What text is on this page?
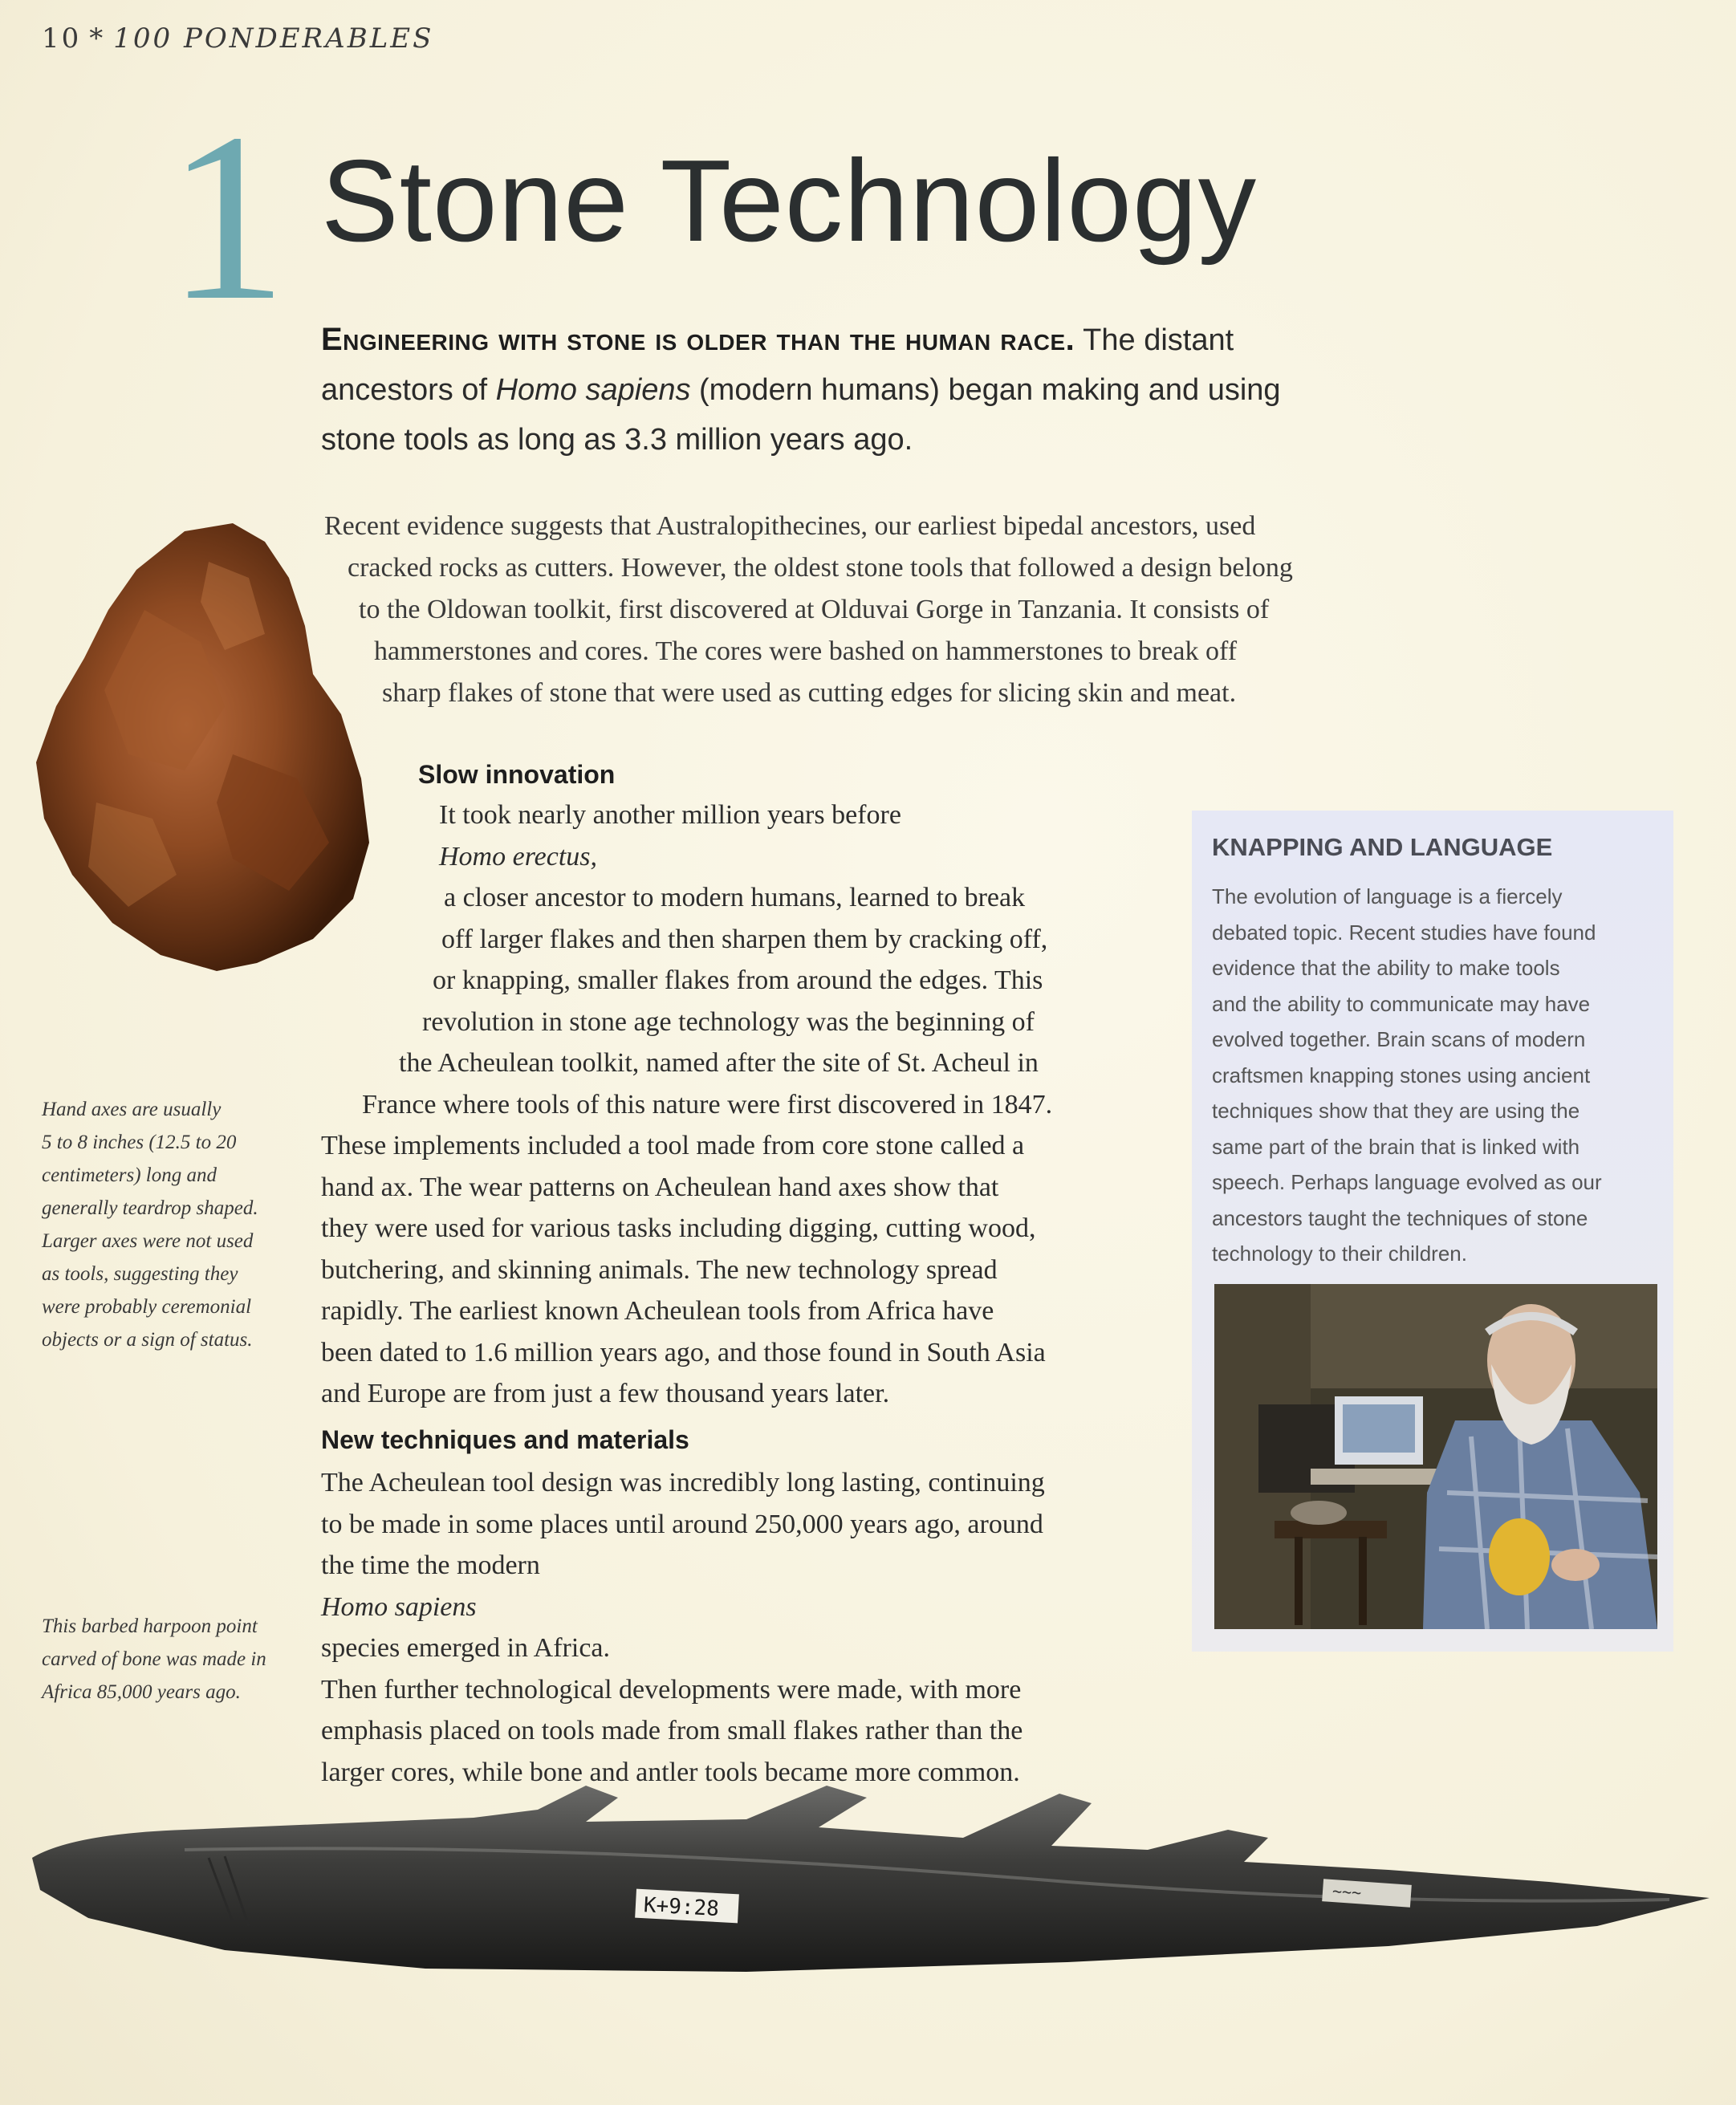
10 * 100 PONDERABLES
1 Stone Technology
Engineering with stone is older than the human race. The distant
ancestors of Homo sapiens (modern humans) began making and using
stone tools as long as 3.3 million years ago.
Recent evidence suggests that Australopithecines, our earliest bipedal ancestors, used
cracked rocks as cutters. However, the oldest stone tools that followed a design belong
to the Oldowan toolkit, first discovered at Olduvai Gorge in Tanzania. It consists of
hammerstones and cores. The cores were bashed on hammerstones to break off
sharp flakes of stone that were used as cutting edges for slicing skin and meat.
Slow innovation
It took nearly another million years before
Homo erectus,
a closer ancestor to modern humans, learned to break
off larger flakes and then sharpen them by cracking off,
or knapping, smaller flakes from around the edges. This
revolution in stone age technology was the beginning of
the Acheulean toolkit, named after the site of St. Acheul in
France where tools of this nature were first discovered in 1847.
These implements included a tool made from core stone called a
hand ax. The wear patterns on Acheulean hand axes show that
they were used for various tasks including digging, cutting wood,
butchering, and skinning animals. The new technology spread
rapidly. The earliest known Acheulean tools from Africa have
been dated to 1.6 million years ago, and those found in South Asia
and Europe are from just a few thousand years later.
New techniques and materials
The Acheulean tool design was incredibly long lasting, continuing
to be made in some places until around 250,000 years ago, around
the time the modern
Homo sapiens
species emerged in Africa.
Then further technological developments were made, with more
emphasis placed on tools made from small flakes rather than the
larger cores, while bone and antler tools became more common.
Hand axes are usually
5 to 8 inches (12.5 to 20
centimeters) long and
generally teardrop shaped.
Larger axes were not used
as tools, suggesting they
were probably ceremonial
objects or a sign of status.
This barbed harpoon point
carved of bone was made in
Africa 85,000 years ago.
KNAPPING AND LANGUAGE
The evolution of language is a fiercely
debated topic. Recent studies have found
evidence that the ability to make tools
and the ability to communicate may have
evolved together. Brain scans of modern
craftsmen knapping stones using ancient
techniques show that they are using the
same part of the brain that is linked with
speech. Perhaps language evolved as our
ancestors taught the techniques of stone
technology to their children.
K+9:28
∼∼∼
